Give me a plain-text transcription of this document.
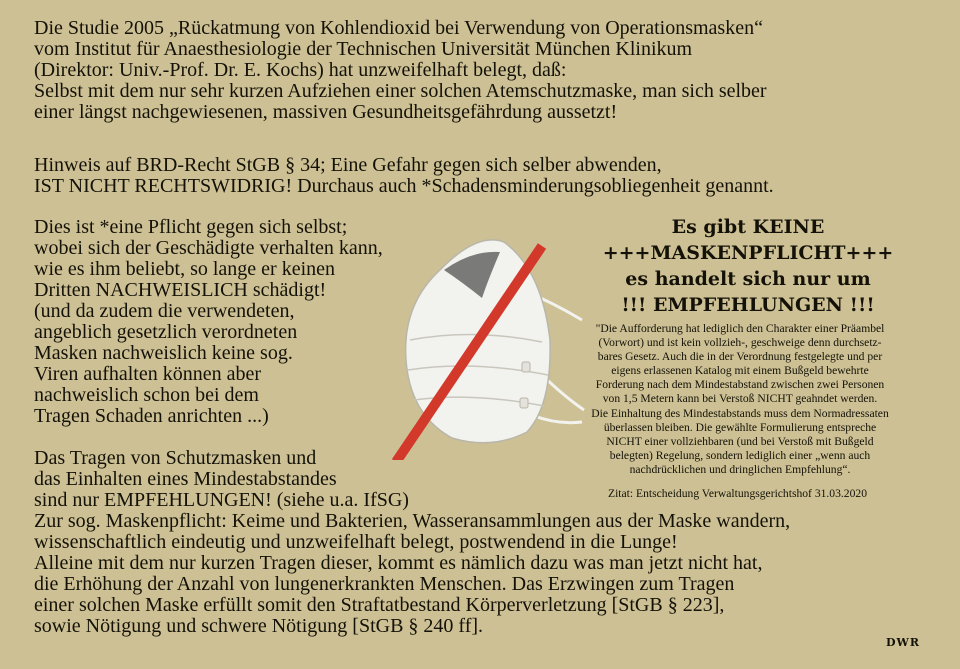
Die Studie 2005 „Rückatmung von Kohlendioxid bei Verwendung von Operationsmasken“
vom Institut für Anaesthesiologie der Technischen Universität München Klinikum
(Direktor: Univ.-Prof. Dr. E. Kochs) hat unzweifelhaft belegt, daß:
Selbst mit dem nur sehr kurzen Aufziehen einer solchen Atemschutzmaske, man sich selber
einer längst nachgewiesenen, massiven Gesundheitsgefährdung aussetzt!
Hinweis auf BRD-Recht StGB § 34; Eine Gefahr gegen sich selber abwenden,
IST NICHT RECHTSWIDRIG! Durchaus auch *Schadensminderungsobliegenheit genannt.
Dies ist *eine Pflicht gegen sich selbst;
wobei sich der Geschädigte verhalten kann,
wie es ihm beliebt, so lange er keinen
Dritten NACHWEISLICH schädigt!
(und da zudem die verwendeten,
angeblich gesetzlich verordneten
Masken nachweislich keine sog.
Viren aufhalten können aber
nachweislich schon bei dem
Tragen Schaden anrichten ...)
Es gibt KEINE
+++MASKENPFLICHT+++
es handelt sich nur um
!!! EMPFEHLUNGEN !!!
"Die Aufforderung hat lediglich den Charakter einer Präambel
(Vorwort) und ist kein vollzieh-, geschweige denn durchsetz-
bares Gesetz. Auch die in der Verordnung festgelegte und per
eigens erlassenen Katalog mit einem Bußgeld bewehrte
Forderung nach dem Mindestabstand zwischen zwei Personen
von 1,5 Metern kann bei Verstoß NICHT geahndet werden.
Die Einhaltung des Mindestabstands muss dem Normadressaten
überlassen bleiben. Die gewählte Formulierung entspreche
NICHT einer vollziehbaren (und bei Verstoß mit Bußgeld
belegten) Regelung, sondern lediglich einer „wenn auch
nachdrücklichen und dringlichen Empfehlung“.
Zitat: Entscheidung Verwaltungsgerichtshof 31.03.2020
Das Tragen von Schutzmasken und
das Einhalten eines Mindestabstandes
sind nur EMPFEHLUNGEN! (siehe u.a. IfSG)
Zur sog. Maskenpflicht: Keime und Bakterien, Wasseransammlungen aus der Maske wandern,
wissenschaftlich eindeutig und unzweifelhaft belegt, postwendend in die Lunge!
Alleine mit dem nur kurzen Tragen dieser, kommt es nämlich dazu was man jetzt nicht hat,
die Erhöhung der Anzahl von lungenerkrankten Menschen. Das Erzwingen zum Tragen
einer solchen Maske erfüllt somit den Straftatbestand Körperverletzung [StGB § 223],
sowie Nötigung und schwere Nötigung [StGB § 240 ff].
DWR
